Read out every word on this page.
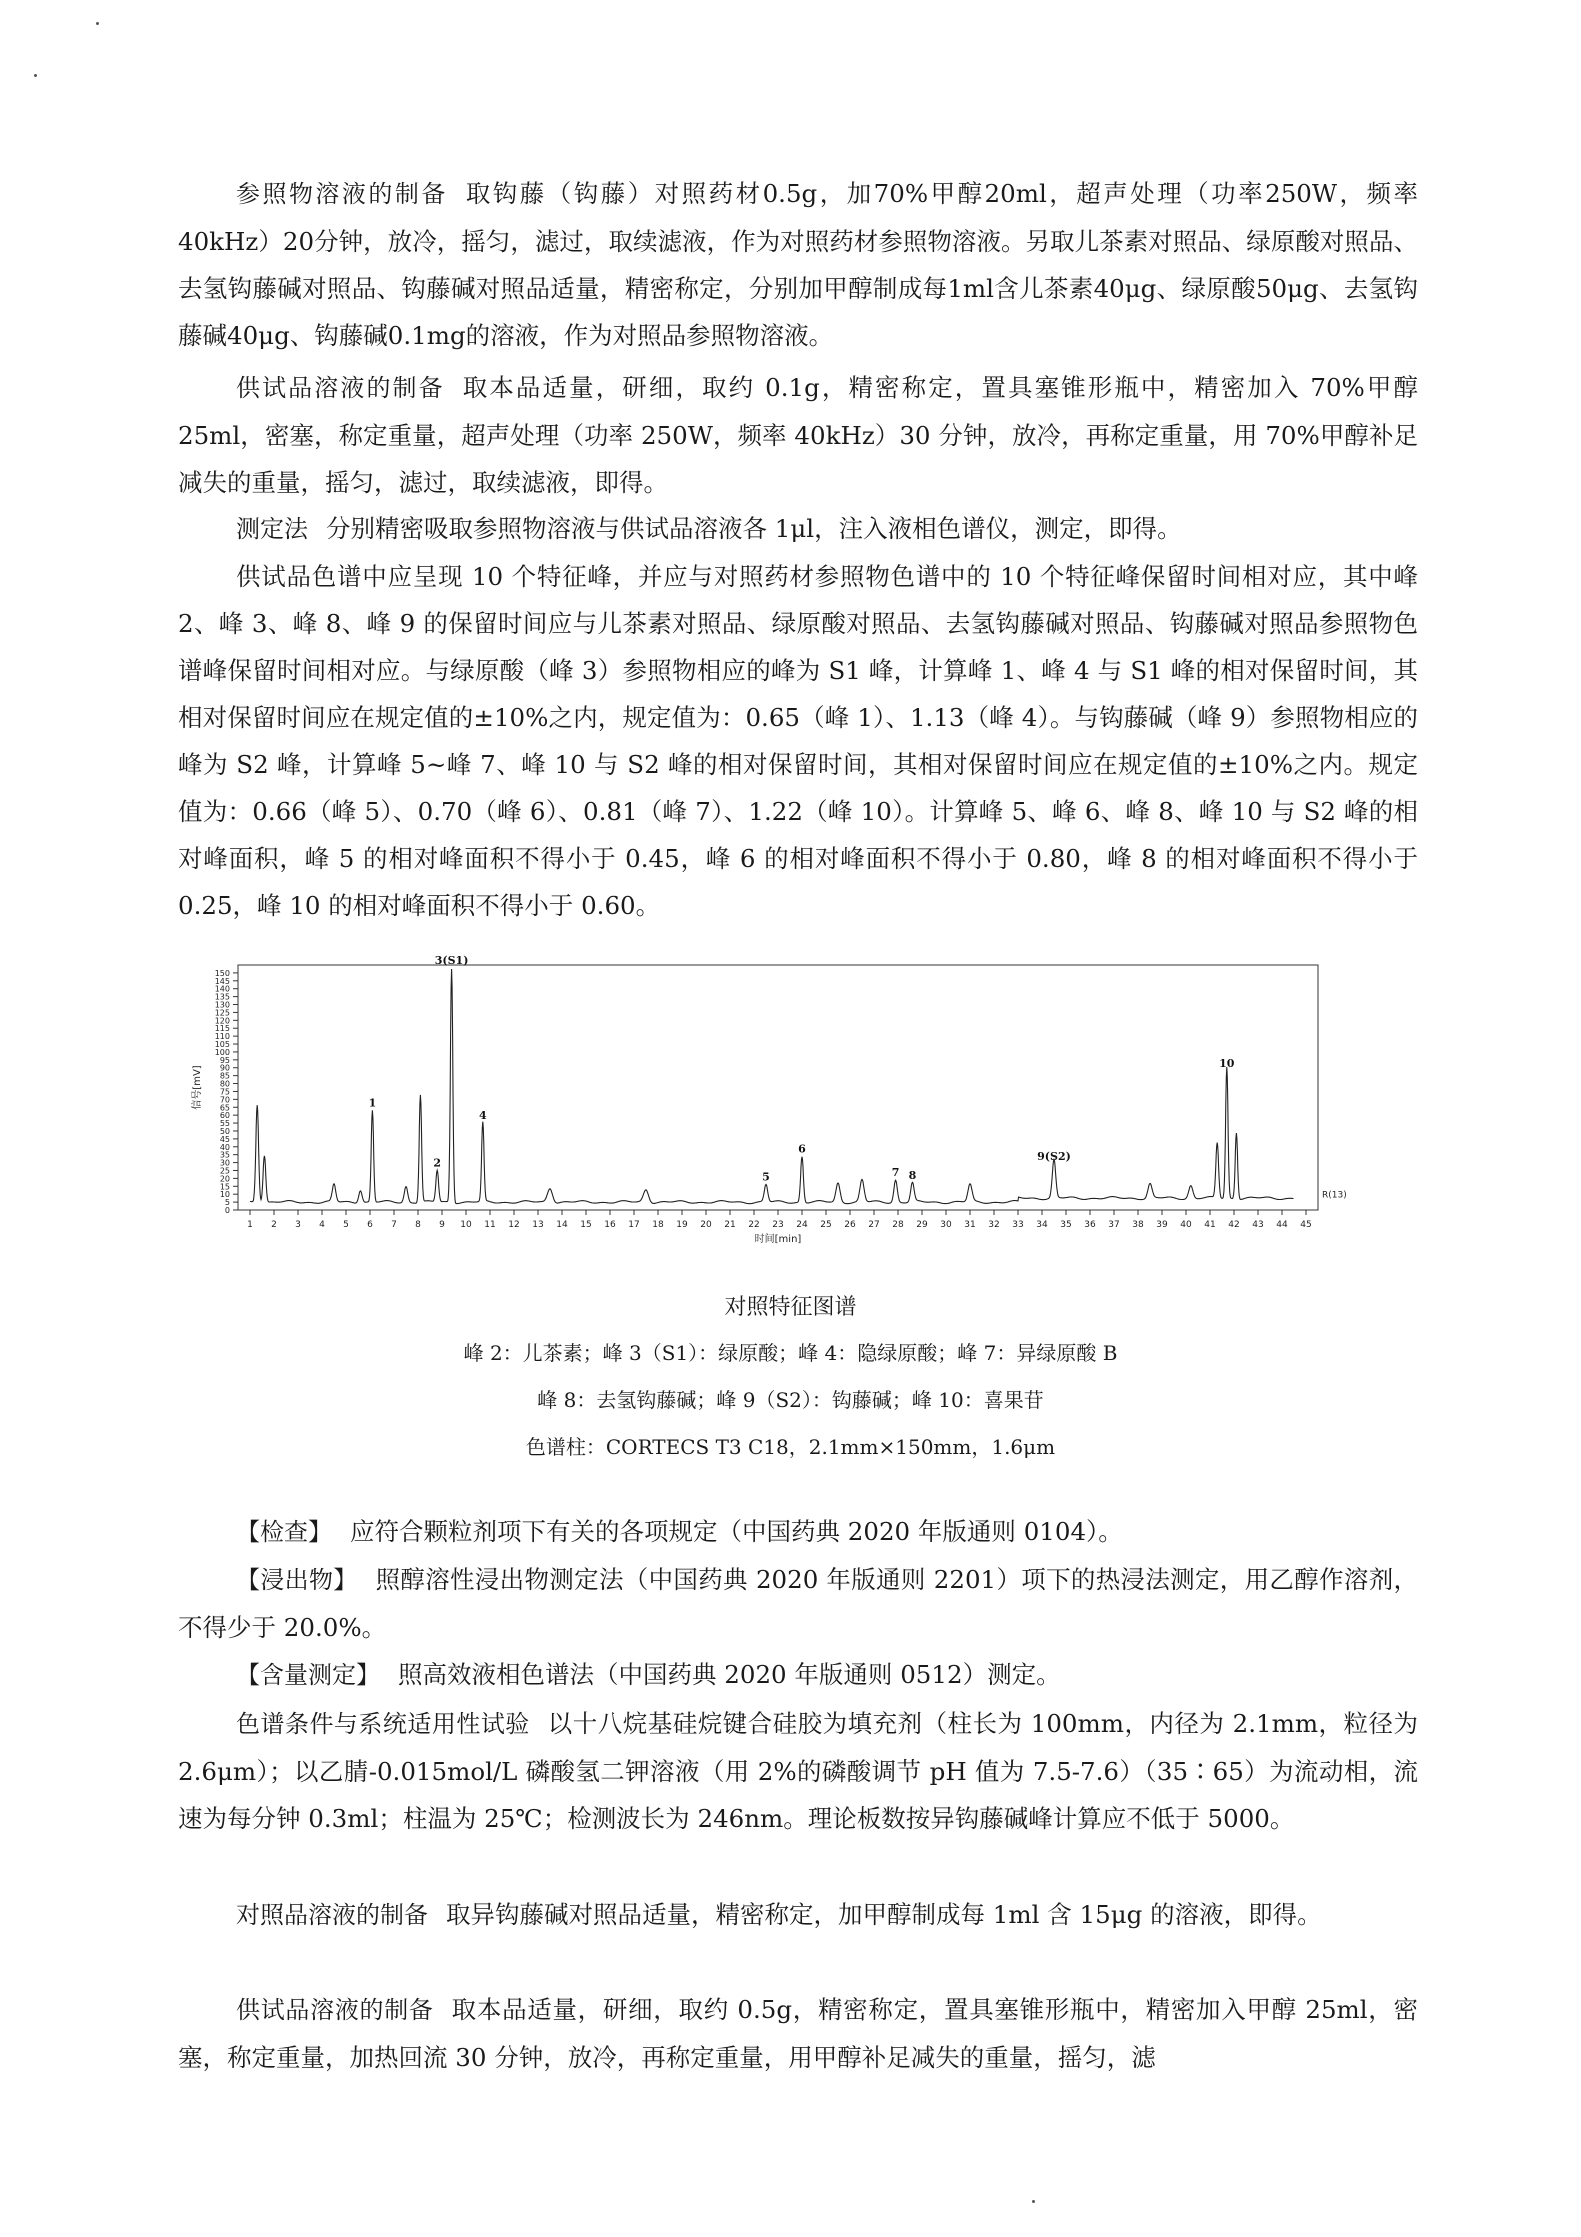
参照物溶液的制备 取钩藤（钩藤）对照药材0.5g，加70%甲醇20ml，超声处理（功率250W，频率40kHz）20分钟，放冷，摇匀，滤过，取续滤液，作为对照药材参照物溶液。另取儿茶素对照品、绿原酸对照品、去氢钩藤碱对照品、钩藤碱对照品适量，精密称定，分别加甲醇制成每1ml含儿茶素40μg、绿原酸50μg、去氢钩藤碱40μg、钩藤碱0.1mg的溶液，作为对照品参照物溶液。

供试品溶液的制备 取本品适量，研细，取约 0.1g，精密称定，置具塞锥形瓶中，精密加入 70%甲醇 25ml，密塞，称定重量，超声处理（功率 250W，频率 40kHz）30 分钟，放冷，再称定重量，用 70%甲醇补足减失的重量，摇匀，滤过，取续滤液，即得。

测定法 分别精密吸取参照物溶液与供试品溶液各 1μl，注入液相色谱仪，测定，即得。

供试品色谱中应呈现 10 个特征峰，并应与对照药材参照物色谱中的 10 个特征峰保留时间相对应，其中峰 2、峰 3、峰 8、峰 9 的保留时间应与儿茶素对照品、绿原酸对照品、去氢钩藤碱对照品、钩藤碱对照品参照物色谱峰保留时间相对应。与绿原酸（峰 3）参照物相应的峰为 S1 峰，计算峰 1、峰 4 与 S1 峰的相对保留时间，其相对保留时间应在规定值的±10%之内，规定值为：0.65（峰 1）、1.13（峰 4）。与钩藤碱（峰 9）参照物相应的峰为 S2 峰，计算峰 5~峰 7、峰 10 与 S2 峰的相对保留时间，其相对保留时间应在规定值的±10%之内。规定值为：0.66（峰 5）、0.70（峰 6）、0.81（峰 7）、1.22（峰 10）。计算峰 5、峰 6、峰 8、峰 10 与 S2 峰的相对峰面积，峰 5 的相对峰面积不得小于 0.45，峰 6 的相对峰面积不得小于 0.80，峰 8 的相对峰面积不得小于 0.25，峰 10 的相对峰面积不得小于 0.60。

0
5
10
15
20
25
30
35
40
45
50
55
60
65
70
75
80
85
90
95
100
105
110
115
120
125
130
135
140
145
150
1 2 3 4 5 6 7 8 9 10 11 12 13 14 15 16 17 18 19 20 21 22 23 24 25 26 27 28 29 30 31 32 33 34 35 36 37 38 39 40 41 42 43 44 45
时间[min]
信号[mV]
R(13)
1
2
3(S1)
4
5
6
7 8
9(S2)
10
对照特征图谱
峰 2：儿茶素；峰 3（S1）：绿原酸；峰 4：隐绿原酸；峰 7：异绿原酸 B
峰 8：去氢钩藤碱；峰 9（S2）：钩藤碱；峰 10：喜果苷
色谱柱：CORTECS T3 C18，2.1mm×150mm，1.6μm

【检查】 应符合颗粒剂项下有关的各项规定（中国药典 2020 年版通则 0104）。

【浸出物】 照醇溶性浸出物测定法（中国药典 2020 年版通则 2201）项下的热浸法测定，用乙醇作溶剂，不得少于 20.0%。

【含量测定】 照高效液相色谱法（中国药典 2020 年版通则 0512）测定。

色谱条件与系统适用性试验 以十八烷基硅烷键合硅胶为填充剂（柱长为 100mm，内径为 2.1mm，粒径为 2.6μm）；以乙腈-0.015mol/L 磷酸氢二钾溶液（用 2%的磷酸调节 pH 值为 7.5-7.6）（35∶65）为流动相，流速为每分钟 0.3ml；柱温为 25℃；检测波长为 246nm。理论板数按异钩藤碱峰计算应不低于 5000。

对照品溶液的制备 取异钩藤碱对照品适量，精密称定，加甲醇制成每 1ml 含 15μg 的溶液，即得。

供试品溶液的制备 取本品适量，研细，取约 0.5g，精密称定，置具塞锥形瓶中，精密加入甲醇 25ml，密塞，称定重量，加热回流 30 分钟，放冷，再称定重量，用甲醇补足减失的重量，摇匀，滤
